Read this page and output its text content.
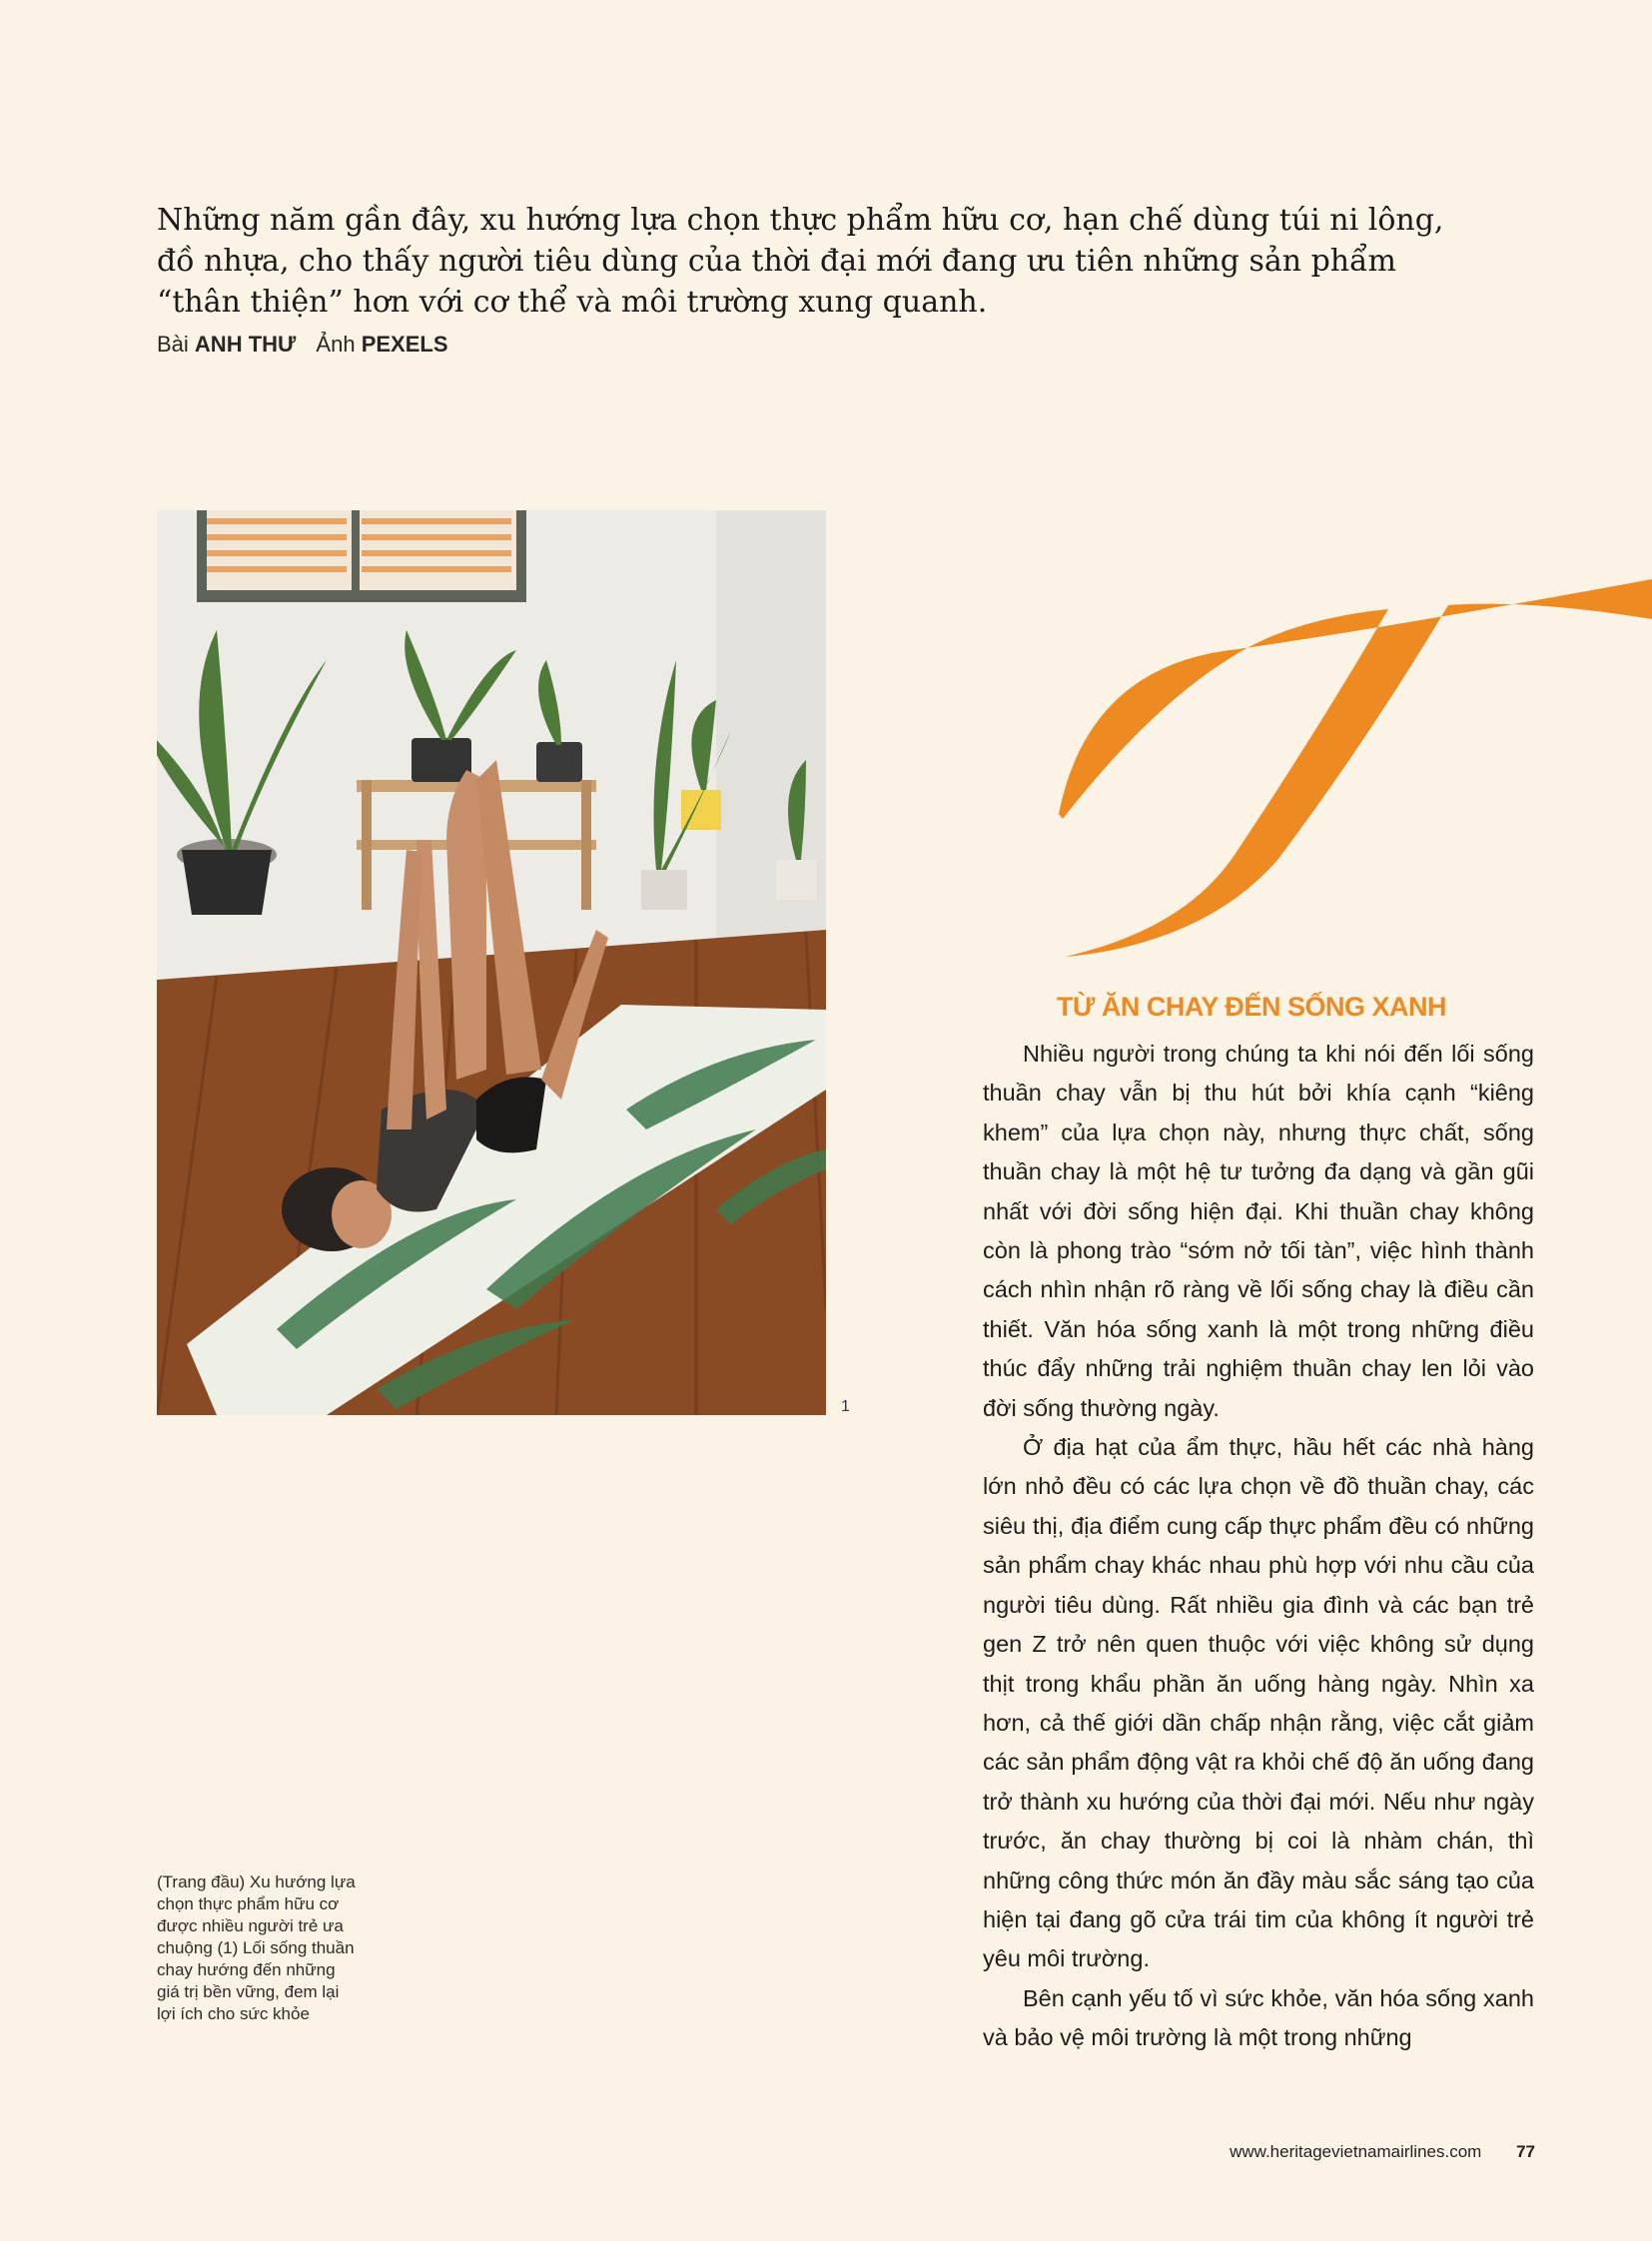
Những năm gần đây, xu hướng lựa chọn thực phẩm hữu cơ, hạn chế dùng túi ni lông, đồ nhựa, cho thấy người tiêu dùng của thời đại mới đang ưu tiên những sản phẩm “thân thiện” hơn với cơ thể và môi trường xung quanh.

Bài ANH THƯ Ảnh PEXELS
1

(Trang đầu) Xu hướng lựa chọn thực phẩm hữu cơ được nhiều người trẻ ưa chuộng (1) Lối sống thuần chay hướng đến những giá trị bền vững, đem lại lợi ích cho sức khỏe

TỪ ĂN CHAY ĐẾN SỐNG XANH

Nhiều người trong chúng ta khi nói đến lối sống thuần chay vẫn bị thu hút bởi khía cạnh “kiêng khem” của lựa chọn này, nhưng thực chất, sống thuần chay là một hệ tư tưởng đa dạng và gần gũi nhất với đời sống hiện đại. Khi thuần chay không còn là phong trào “sớm nở tối tàn”, việc hình thành cách nhìn nhận rõ ràng về lối sống chay là điều cần thiết. Văn hóa sống xanh là một trong những điều thúc đẩy những trải nghiệm thuần chay len lỏi vào đời sống thường ngày.

Ở địa hạt của ẩm thực, hầu hết các nhà hàng lớn nhỏ đều có các lựa chọn về đồ thuần chay, các siêu thị, địa điểm cung cấp thực phẩm đều có những sản phẩm chay khác nhau phù hợp với nhu cầu của người tiêu dùng. Rất nhiều gia đình và các bạn trẻ gen Z trở nên quen thuộc với việc không sử dụng thịt trong khẩu phần ăn uống hàng ngày. Nhìn xa hơn, cả thế giới dần chấp nhận rằng, việc cắt giảm các sản phẩm động vật ra khỏi chế độ ăn uống đang trở thành xu hướng của thời đại mới. Nếu như ngày trước, ăn chay thường bị coi là nhàm chán, thì những công thức món ăn đầy màu sắc sáng tạo của hiện tại đang gõ cửa trái tim của không ít người trẻ yêu môi trường.

Bên cạnh yếu tố vì sức khỏe, văn hóa sống xanh và bảo vệ môi trường là một trong những

www.heritagevietnamairlines.com 77
